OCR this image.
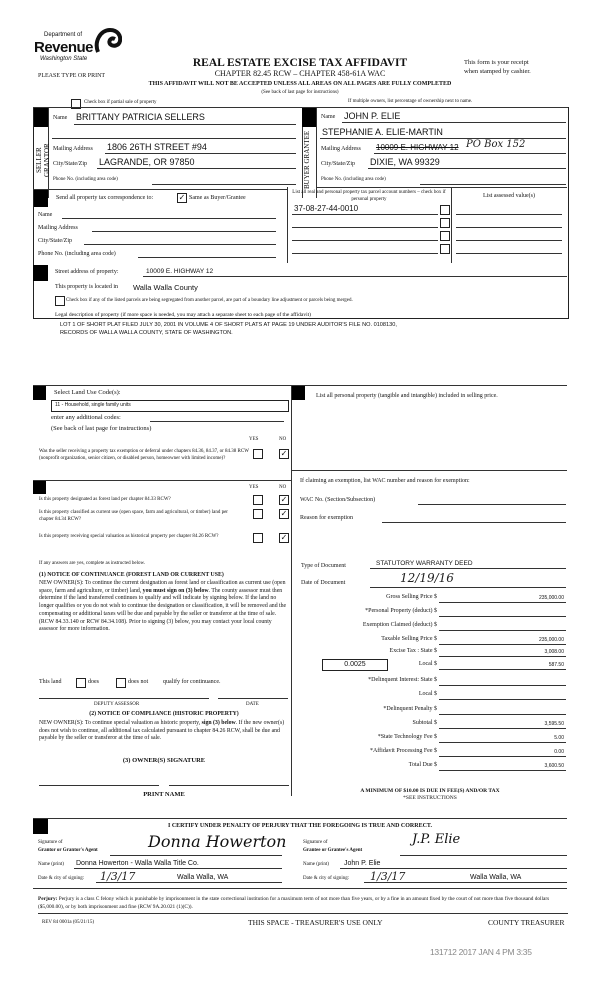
Department of
Revenue
Washington State	REAL ESTATE EXCISE TAX AFFIDAVIT
CHAPTER 82.45 RCW – CHAPTER 458-61A WAC
PLEASE TYPE OR PRINT
This form is your receipt
when stamped by cashier.
THIS AFFIDAVIT WILL NOT BE ACCEPTED UNLESS ALL AREAS ON ALL PAGES ARE FULLY COMPLETED
(See back of last page for instructions)
Check box if partial sale of property	If multiple owners, list percentage of ownership next to name.
SELLER GRANTOR
Name BRITTANY PATRICIA SELLERS
Mailing Address 1806 26TH STREET #94
City/State/Zip LAGRANDE, OR 97850
Phone No. (including area code)	BUYER GRANTEE
Name JOHN P. ELIE
STEPHANIE A. ELIE-MARTIN
Mailing Address 10009 E. HIGHWAY 12 PO Box 152
City/State/Zip DIXIE, WA 99329
Phone No. (including area code)
Send all property tax correspondence to:	✓ Same as Buyer/Grantee
Name
Mailing Address
City/State/Zip
Phone No. (including area code)
List all real and personal property tax parcel account numbers – check box if personal property
List assessed value(s)
37-08-27-44-0010
Street address of property:	10009 E. HIGHWAY 12
This property is located in Walla Walla County
Check box if any of the listed parcels are being segregated from another parcel, are part of a boundary line adjustment or parcels being merged.
Legal description of property (if more space is needed, you may attach a separate sheet to each page of the affidavit)
LOT 1 OF SHORT PLAT FILED JULY 30, 2001 IN VOLUME 4 OF SHORT PLATS AT PAGE 19 UNDER AUDITOR'S FILE NO. 0108130,
RECORDS OF WALLA WALLA COUNTY, STATE OF WASHINGTON.
Select Land Use Code(s):
11 - Household, single family units
enter any additional codes:
(See back of last page for instructions)
YES	NO
Was the seller receiving a property tax exemption or deferral under chapters 84.36, 84.37, or 84.38 RCW (nonprofit organization, senior citizen, or disabled person, homeowner with limited income)?
✓
YES	NO
Is this property designated as forest land per chapter 84.33 RCW?	✓
Is this property classified as current use (open space, farm and agricultural, or timber) land per chapter 84.34 RCW?
✓
Is this property receiving special valuation as historical property per chapter 84.26 RCW?	✓
If any answers are yes, complete as instructed below.
(1) NOTICE OF CONTINUANCE (FOREST LAND OR CURRENT USE)
NEW OWNER(S): To continue the current designation as forest land or classification as current use (open space, farm and agriculture, or timber) land, you must sign on (3) below. The county assessor must then determine if the land transferred continues to qualify and will indicate by signing below. If the land no longer qualifies or you do not wish to continue the designation or classification, it will be removed and the compensating or additional taxes will be due and payable by the seller or transferor at the time of sale. (RCW 84.33.140 or RCW 84.34.108). Prior to signing (3) below, you may contact your local county assessor for more information.
This land	does	does not qualify for continuance.
DEPUTY ASSESSOR	DATE
(2) NOTICE OF COMPLIANCE (HISTORIC PROPERTY)
NEW OWNER(S): To continue special valuation as historic property, sign (3) below. If the new owner(s) does not wish to continue, all additional tax calculated pursuant to chapter 84.26 RCW, shall be due and payable by the seller or transferor at the time of sale.
(3) OWNER(S) SIGNATURE
PRINT NAME
List all personal property (tangible and intangible) included in selling price.
If claiming an exemption, list WAC number and reason for exemption:
WAC No. (Section/Subsection)
Reason for exemption
Type of Document	STATUTORY WARRANTY DEED
Date of Document	12/19/16
Gross Selling Price $	235,000.00
*Personal Property (deduct) $
Exemption Claimed (deduct) $
Taxable Selling Price $	235,000.00
Excise Tax : State $	3,008.00
0.0025	Local $	587.50
*Delinquent Interest: State $
Local $
*Delinquent Penalty $
Subtotal $	3,595.50
*State Technology Fee $	5.00
*Affidavit Processing Fee $	0.00
Total Due $	3,600.50
A MINIMUM OF $10.00 IS DUE IN FEE(S) AND/OR TAX
*SEE INSTRUCTIONS
I CERTIFY UNDER PENALTY OF PERJURY THAT THE FOREGOING IS TRUE AND CORRECT.
Signature of
Grantor or Grantor's Agent	Donna Howerton
Name (print) Donna Howerton - Walla Walla Title Co.
Date & city of signing: 1/3/17	Walla Walla, WA
Signature of
Grantee or Grantee's Agent
J.P. Elie
Name (print) John P. Elie
Date & city of signing: 1/3/17	Walla Walla, WA
Perjury: Perjury is a class C felony which is punishable by imprisonment in the state correctional institution for a maximum term of not more than five years, or by a fine in an amount fixed by the court of not more than five thousand dollars ($5,000.00), or by both imprisonment and fine (RCW 9A.20.021 (1)(C)).
REV 84 0001a (05/21/15)	THIS SPACE - TREASURER'S USE ONLY	COUNTY TREASURER
131712 2017 JAN 4 PM 3:35
